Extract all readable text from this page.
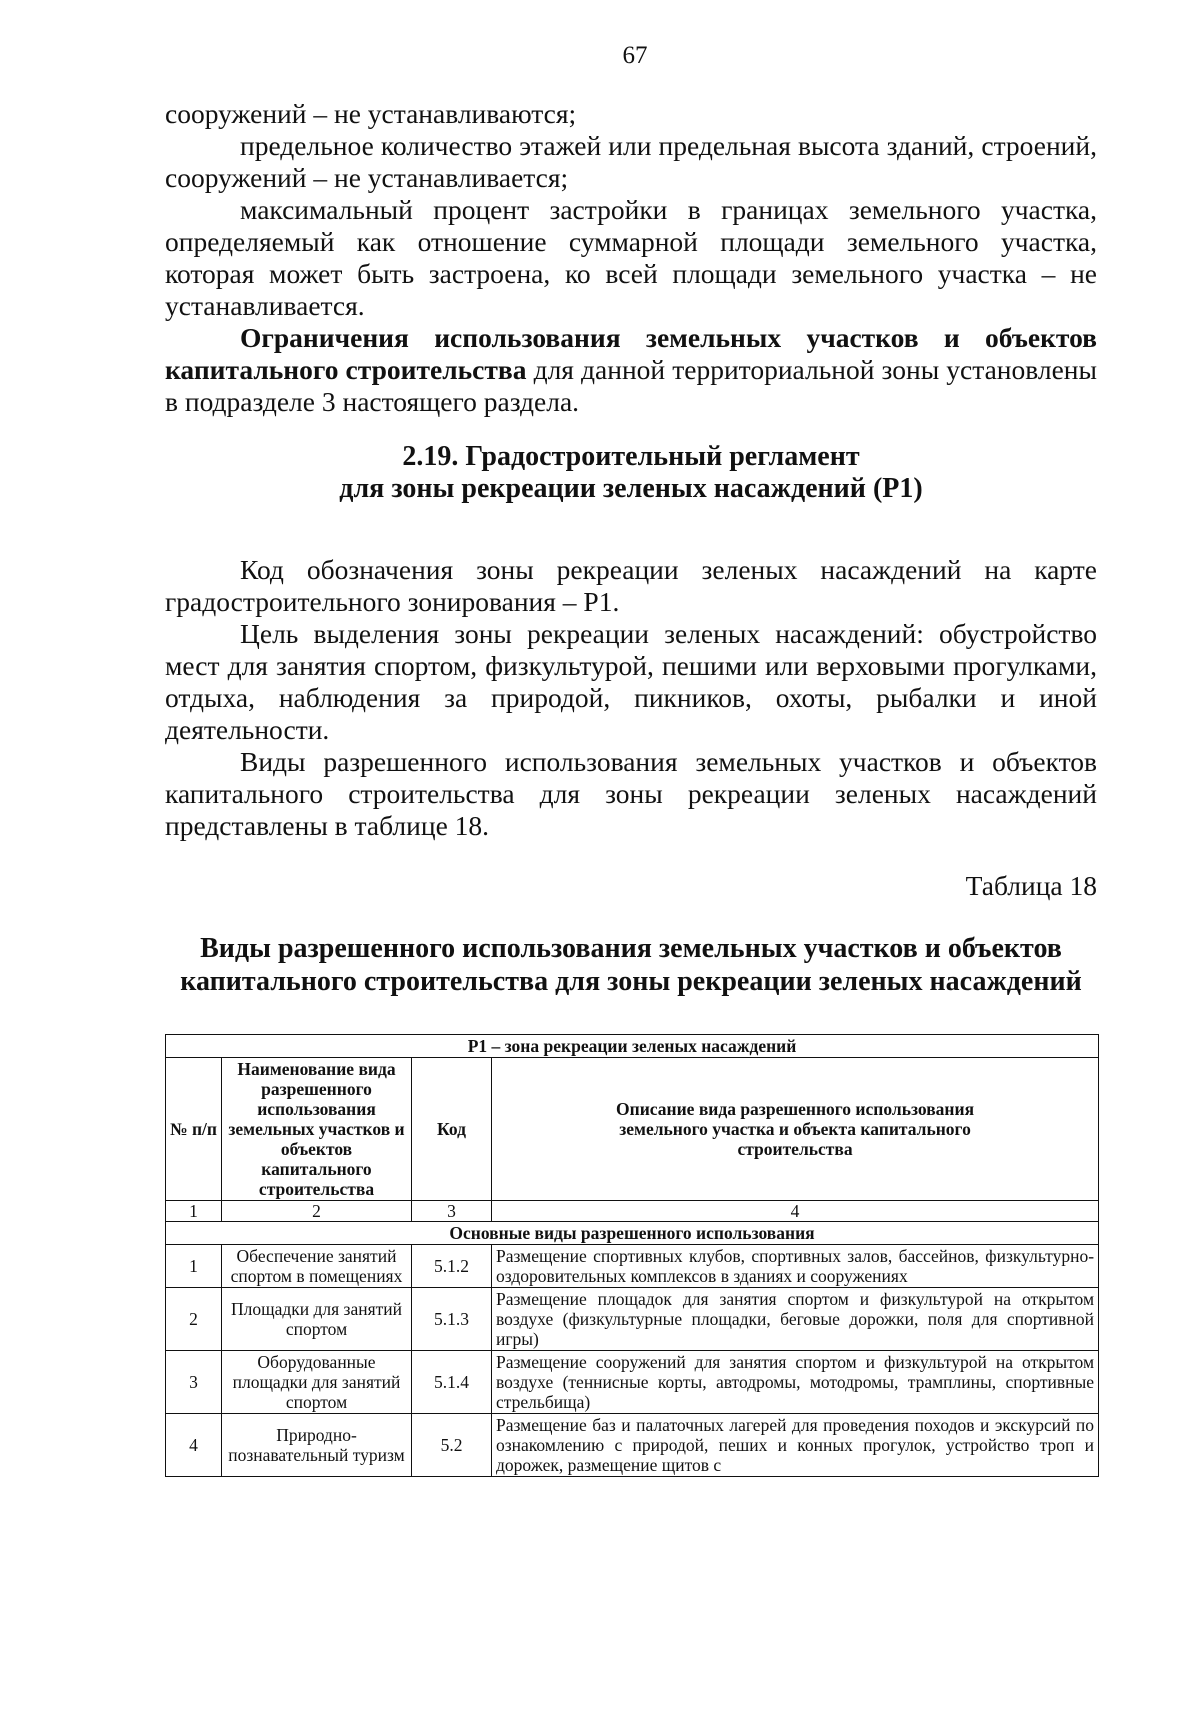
67

сооружений – не устанавливаются;

предельное количество этажей или предельная высота зданий, строений, сооружений – не устанавливается;

максимальный процент застройки в границах земельного участка, определяемый как отношение суммарной площади земельного участка, которая может быть застроена, ко всей площади земельного участка – не устанавливается.

Ограничения использования земельных участков и объектов капитального строительства для данной территориальной зоны установлены в подразделе 3 настоящего раздела.

2.19. Градостроительный регламент
для зоны рекреации зеленых насаждений (Р1)

Код обозначения зоны рекреации зеленых насаждений на карте градостроительного зонирования – Р1.

Цель выделения зоны рекреации зеленых насаждений: обустройство мест для занятия спортом, физкультурой, пешими или верховыми прогулками, отдыха, наблюдения за природой, пикников, охоты, рыбалки и иной деятельности.

Виды разрешенного использования земельных участков и объектов капитального строительства для зоны рекреации зеленых насаждений представлены в таблице 18.

Таблица 18
Виды разрешенного использования земельных участков и объектов
капитального строительства для зоны рекреации зеленых насаждений
Р1 – зона рекреации зеленых насаждений			
№ п/п	Наименование вида разрешенного использования земельных участков и объектов капитального строительства	Код	Описание вида разрешенного использования земельного участка и объекта капитального строительства
1	2	3	4
Основные виды разрешенного использования			
1	Обеспечение занятий спортом в помещениях	5.1.2	Размещение спортивных клубов, спортивных залов, бассейнов, физкультурно-оздоровительных комплексов в зданиях и сооружениях
2	Площадки для занятий спортом	5.1.3	Размещение площадок для занятия спортом и физкультурой на открытом воздухе (физкультурные площадки, беговые дорожки, поля для спортивной игры)
3	Оборудованные площадки для занятий спортом	5.1.4	Размещение сооружений для занятия спортом и физкультурой на открытом воздухе (теннисные корты, автодромы, мотодромы, трамплины, спортивные стрельбища)
4	Природно-познавательный туризм	5.2	Размещение баз и палаточных лагерей для проведения походов и экскурсий по ознакомлению с природой, пеших и конных прогулок, устройство троп и дорожек, размещение щитов с
